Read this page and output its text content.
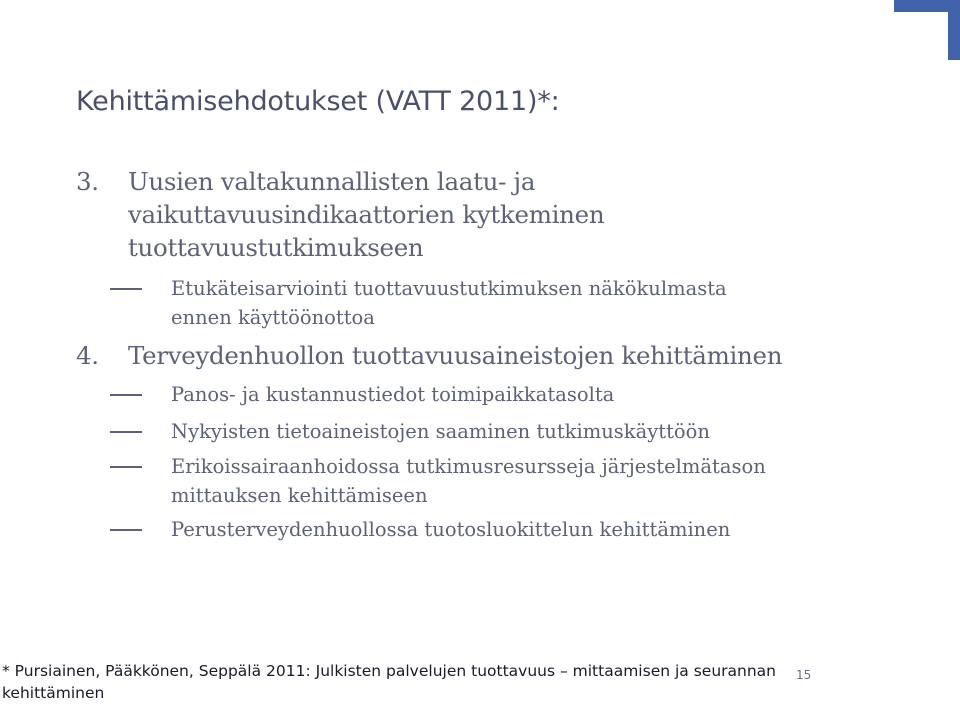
Kehittämisehdotukset (VATT 2011)*:
3. Uusien valtakunnallisten laatu- ja
vaikuttavuusindikaattorien kytkeminen
tuottavuustutkimukseen
Etukäteisarviointi tuottavuustutkimuksen näkökulmasta
ennen käyttöönottoa
4. Terveydenhuollon tuottavuusaineistojen kehittäminen
Panos- ja kustannustiedot toimipaikkatasolta
Nykyisten tietoaineistojen saaminen tutkimuskäyttöön
Erikoissairaanhoidossa tutkimusresursseja järjestelmätason
mittauksen kehittämiseen
Perusterveydenhuollossa tuotosluokittelun kehittäminen
* Pursiainen, Pääkkönen, Seppälä 2011: Julkisten palvelujen tuottavuus – mittaamisen ja seurannan kehittäminen
15
